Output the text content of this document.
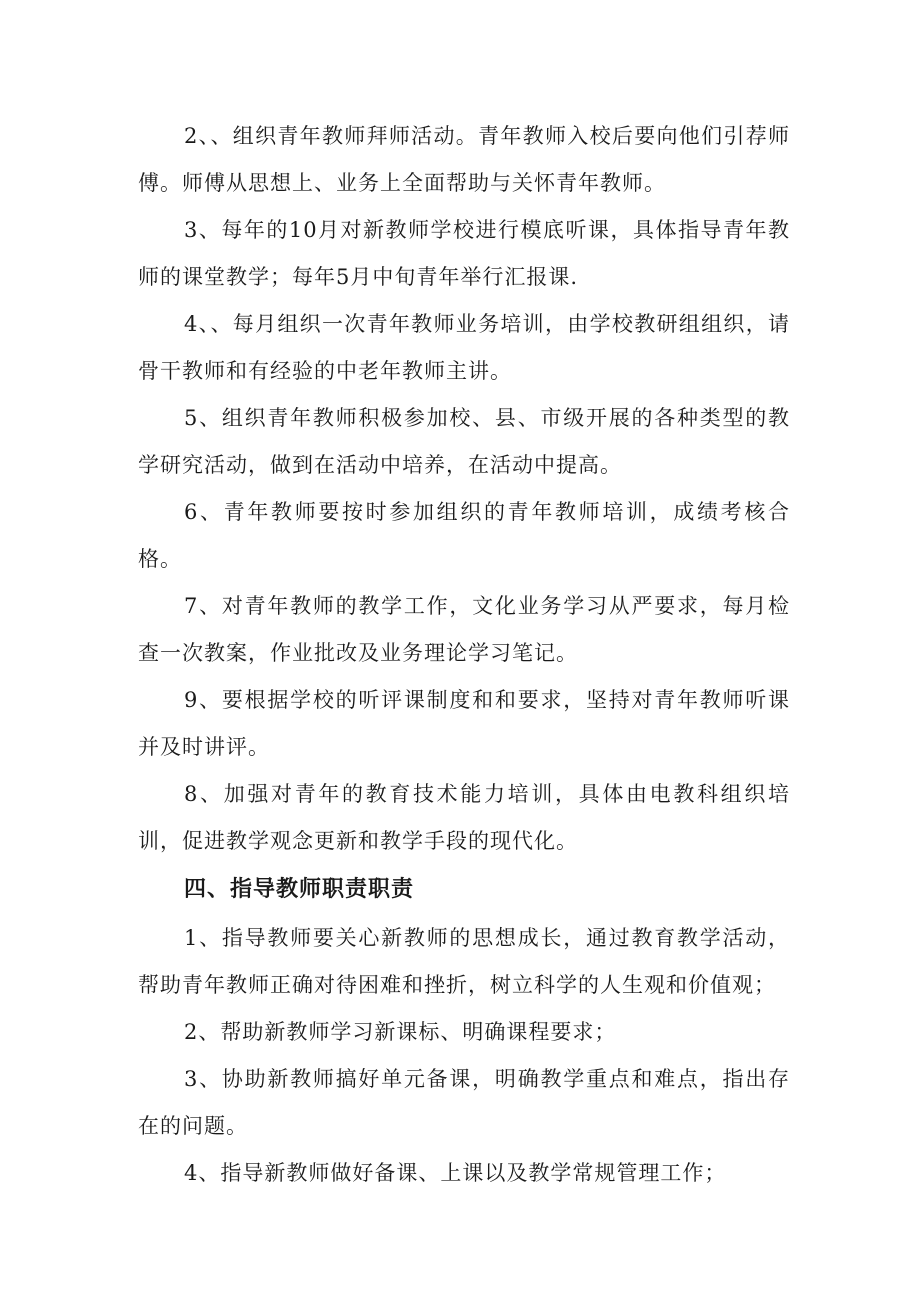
2、、组织青年教师拜师活动。青年教师入校后要向他们引荐师傅。师傅从思想上、业务上全面帮助与关怀青年教师。

3、每年的10月对新教师学校进行模底听课，具体指导青年教师的课堂教学；每年5月中旬青年举行汇报课.

4、、每月组织一次青年教师业务培训，由学校教研组组织，请骨干教师和有经验的中老年教师主讲。

5、组织青年教师积极参加校、县、市级开展的各种类型的教学研究活动，做到在活动中培养，在活动中提高。

6、青年教师要按时参加组织的青年教师培训，成绩考核合格。

7、对青年教师的教学工作，文化业务学习从严要求，每月检查一次教案，作业批改及业务理论学习笔记。

9、要根据学校的听评课制度和和要求，坚持对青年教师听课并及时讲评。

8、加强对青年的教育技术能力培训，具体由电教科组织培训，促进教学观念更新和教学手段的现代化。

四、指导教师职责职责

1、指导教师要关心新教师的思想成长，通过教育教学活动，帮助青年教师正确对待困难和挫折，树立科学的人生观和价值观；

2、帮助新教师学习新课标、明确课程要求；

3、协助新教师搞好单元备课，明确教学重点和难点，指出存在的问题。

4、指导新教师做好备课、上课以及教学常规管理工作；
